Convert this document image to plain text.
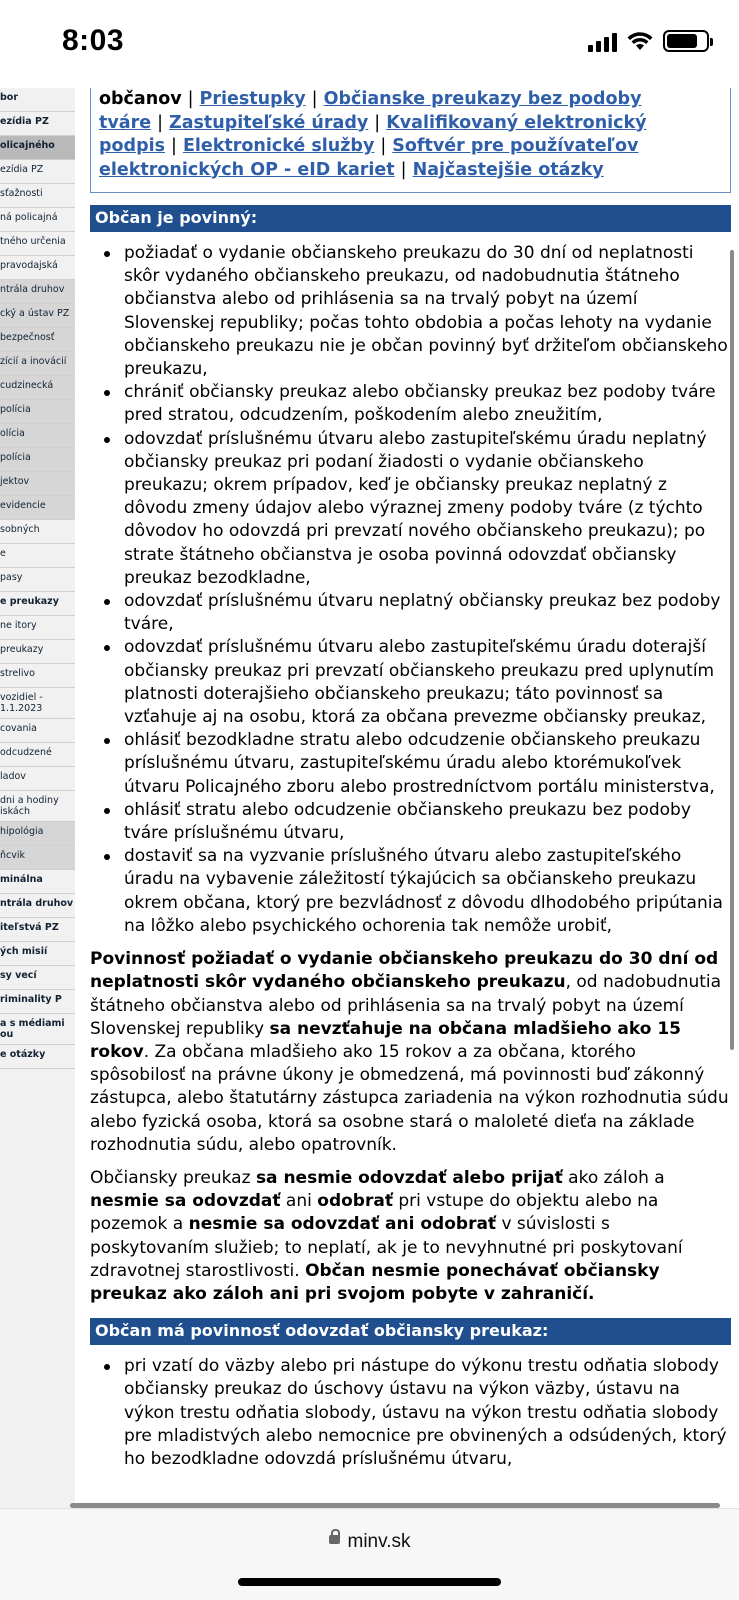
8:03
bor
ezídia PZ
olicajného
ezídia PZ
sťažnosti
ná policajná
tného určenia
pravodajská
ntrála druhov
cký a ústav PZ
bezpečnosť
zícií a inovácií
cudzinecká
polícia
olícia
polícia
jektov
evidencie
sobných
e
pasy
e preukazy
ne itory
preukazy
strelivo
vozidiel - 1.1.2023
covania
odcudzené
ladov
dni a hodiny iskách
hipológia
ňcvik
minálna
ntrála druhov
iteľstvá PZ
ých misií
sy vecí
riminality P
a s médiami ou
e otázky
občanov | Priestupky | Občianske preukazy bez podoby tváre | Zastupiteľské úrady | Kvalifikovaný elektronický podpis | Elektronické služby | Softvér pre používateľov elektronických OP - eID kariet | Najčastejšie otázky
Občan je povinný:
požiadať o vydanie občianskeho preukazu do 30 dní od neplatnosti skôr vydaného občianskeho preukazu, od nadobudnutia štátneho občianstva alebo od prihlásenia sa na trvalý pobyt na území Slovenskej republiky; počas tohto obdobia a počas lehoty na vydanie občianskeho preukazu nie je občan povinný byť držiteľom občianskeho preukazu,
chrániť občiansky preukaz alebo občiansky preukaz bez podoby tváre pred stratou, odcudzením, poškodením alebo zneužitím,
odovzdať príslušnému útvaru alebo zastupiteľskému úradu neplatný občiansky preukaz pri podaní žiadosti o vydanie občianskeho preukazu; okrem prípadov, keď je občiansky preukaz neplatný z dôvodu zmeny údajov alebo výraznej zmeny podoby tváre (z týchto dôvodov ho odovzdá pri prevzatí nového občianskeho preukazu); po strate štátneho občianstva je osoba povinná odovzdať občiansky preukaz bezodkladne,
odovzdať príslušnému útvaru neplatný občiansky preukaz bez podoby tváre,
odovzdať príslušnému útvaru alebo zastupiteľskému úradu doterajší občiansky preukaz pri prevzatí občianskeho preukazu pred uplynutím platnosti doterajšieho občianskeho preukazu; táto povinnosť sa vzťahuje aj na osobu, ktorá za občana prevezme občiansky preukaz,
ohlásiť bezodkladne stratu alebo odcudzenie občianskeho preukazu príslušnému útvaru, zastupiteľskému úradu alebo ktorémukoľvek útvaru Policajného zboru alebo prostredníctvom portálu ministerstva,
ohlásiť stratu alebo odcudzenie občianskeho preukazu bez podoby tváre príslušnému útvaru,
dostaviť sa na vyzvanie príslušného útvaru alebo zastupiteľského úradu na vybavenie záležitostí týkajúcich sa občianskeho preukazu okrem občana, ktorý pre bezvládnosť z dôvodu dlhodobého pripútania na lôžko alebo psychického ochorenia tak nemôže urobiť,

Povinnosť požiadať o vydanie občianskeho preukazu do 30 dní od neplatnosti skôr vydaného občianskeho preukazu, od nadobudnutia štátneho občianstva alebo od prihlásenia sa na trvalý pobyt na území Slovenskej republiky sa nevzťahuje na občana mladšieho ako 15 rokov. Za občana mladšieho ako 15 rokov a za občana, ktorého spôsobilosť na právne úkony je obmedzená, má povinnosti buď zákonný zástupca, alebo štatutárny zástupca zariadenia na výkon rozhodnutia súdu alebo fyzická osoba, ktorá sa osobne stará o maloleté dieťa na základe rozhodnutia súdu, alebo opatrovník.

Občiansky preukaz sa nesmie odovzdať alebo prijať ako záloh a nesmie sa odovzdať ani odobrať pri vstupe do objektu alebo na pozemok a nesmie sa odovzdať ani odobrať v súvislosti s poskytovaním služieb; to neplatí, ak je to nevyhnutné pri poskytovaní zdravotnej starostlivosti. Občan nesmie ponechávať občiansky preukaz ako záloh ani pri svojom pobyte v zahraničí.

Občan má povinnosť odovzdať občiansky preukaz:
pri vzatí do väzby alebo pri nástupe do výkonu trestu odňatia slobody občiansky preukaz do úschovy ústavu na výkon väzby, ústavu na výkon trestu odňatia slobody, ústavu na výkon trestu odňatia slobody pre mladistvých alebo nemocnice pre obvinených a odsúdených, ktorý ho bezodkladne odovzdá príslušnému útvaru,
minv.sk
